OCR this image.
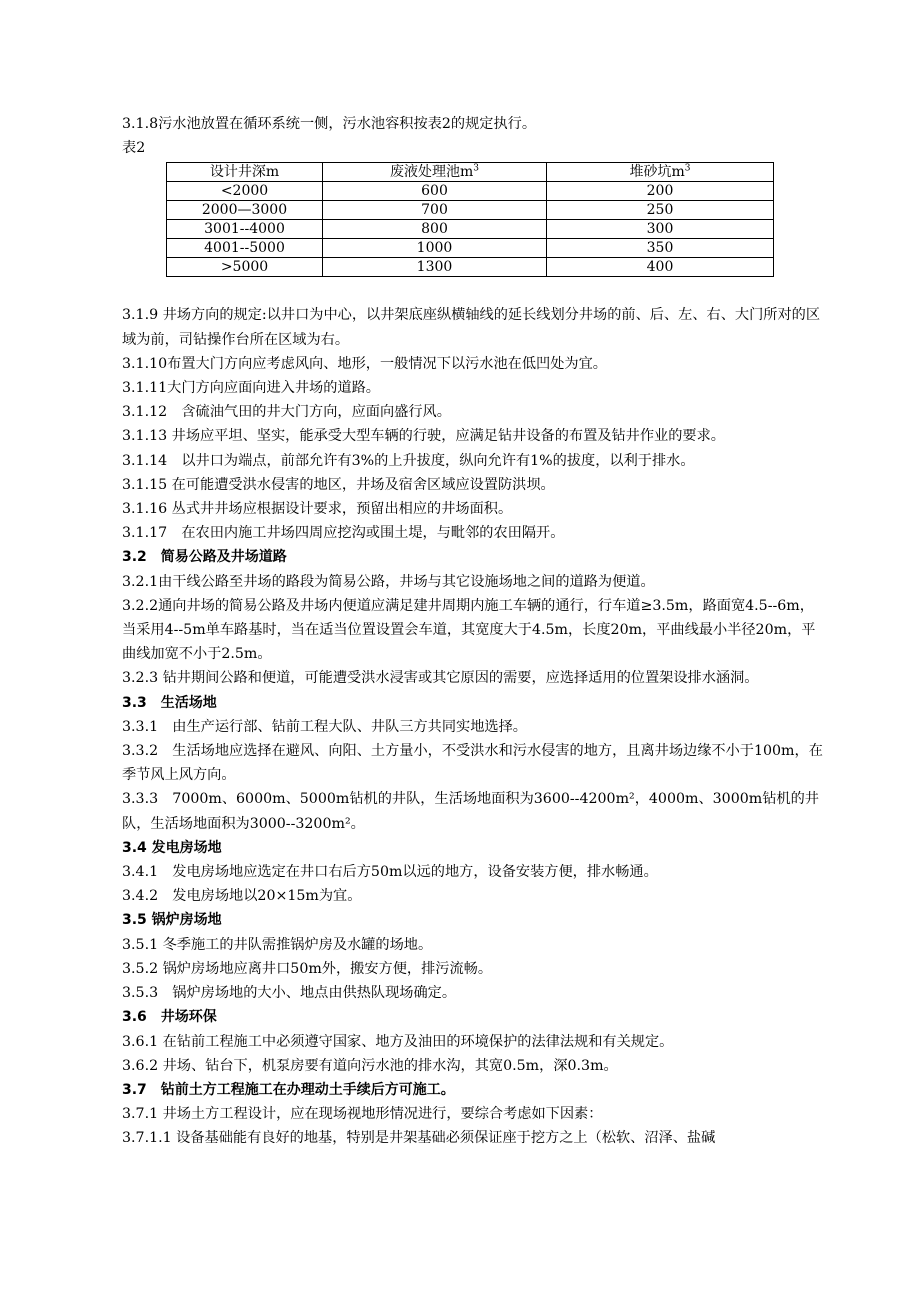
3.1.8污水池放置在循环系统一侧，污水池容积按表2的规定执行。

表2

设计井深m	废液处理池$m^3$	堆砂坑$m^3$
<2000	600	200
2000—3000	700	250
3001--4000	800	300
4001--5000	1000	350
>5000	1300	400

3.1.9 井场方向的规定:以井口为中心，以井架底座纵横轴线的延长线划分井场的前、后、左、右、大门所对的区域为前，司钻操作台所在区域为右。

3.1.10布置大门方向应考虑风向、地形，一般情况下以污水池在低凹处为宜。

3.1.11大门方向应面向进入井场的道路。

3.1.12　含硫油气田的井大门方向，应面向盛行风。

3.1.13 井场应平坦、坚实，能承受大型车辆的行驶，应满足钻井设备的布置及钻井作业的要求。

3.1.14　以井口为端点，前部允许有3%的上升拔度，纵向允许有1%的拔度，以利于排水。

3.1.15 在可能遭受洪水侵害的地区，井场及宿舍区域应设置防洪坝。

3.1.16 丛式井井场应根据设计要求，预留出相应的井场面积。

3.1.17　在农田内施工井场四周应挖沟或围土堤，与毗邻的农田隔开。

3.2　简易公路及井场道路

3.2.1由干线公路至井场的路段为简易公路，井场与其它设施场地之间的道路为便道。

3.2.2通向井场的简易公路及井场内便道应满足建井周期内施工车辆的通行，行车道≥3.5m，路面宽4.5--6m，当采用4--5m单车路基时，当在适当位置设置会车道，其宽度大于4.5m，长度20m，平曲线最小半径20m，平曲线加宽不小于2.5m。

3.2.3 钻井期间公路和便道，可能遭受洪水浸害或其它原因的需要，应选择适用的位置架设排水涵洞。

3.3　生活场地

3.3.1　由生产运行部、钻前工程大队、井队三方共同实地选择。

3.3.2　生活场地应选择在避风、向阳、土方量小，不受洪水和污水侵害的地方，且离井场边缘不小于100m，在季节风上风方向。

3.3.3　7000m、6000m、5000m钻机的井队，生活场地面积为3600--4200m²，4000m、3000m钻机的井队，生活场地面积为3000--3200m²。

3.4 发电房场地

3.4.1　发电房场地应选定在井口右后方50m以远的地方，设备安装方便，排水畅通。

3.4.2　发电房场地以20×15m为宜。

3.5 锅炉房场地

3.5.1 冬季施工的井队需推锅炉房及水罐的场地。

3.5.2 锅炉房场地应离井口50m外，搬安方便，排污流畅。

3.5.3　锅炉房场地的大小、地点由供热队现场确定。

3.6　井场环保

3.6.1 在钻前工程施工中必须遵守国家、地方及油田的环境保护的法律法规和有关规定。

3.6.2 井场、钻台下，机泵房要有道向污水池的排水沟，其宽0.5m，深0.3m。

3.7　钻前土方工程施工在办理动土手续后方可施工。

3.7.1 井场土方工程设计，应在现场视地形情况进行，要综合考虑如下因素：

3.7.1.1 设备基础能有良好的地基，特别是井架基础必须保证座于挖方之上（松软、沼泽、盐碱
